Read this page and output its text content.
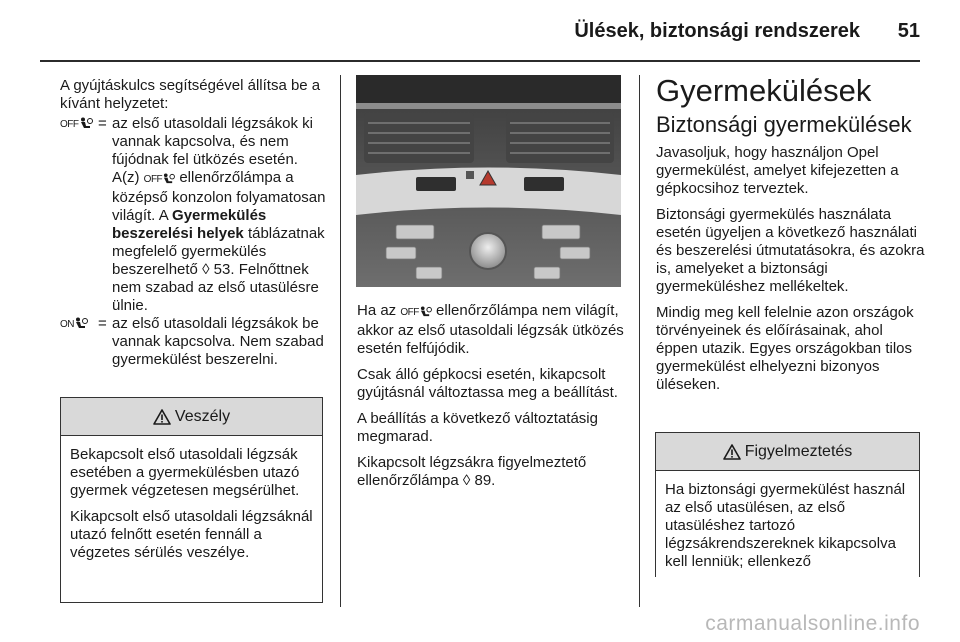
Ülések, biztonsági rendszerek	51

A gyújtáskulcs segítségével állítsa be a kívánt helyzetet:

OFF	= az első utasoldali légzsákok ki vannak kapcsolva, és nem fújódnak fel ütközés esetén. A(z) OFF ellenőrzőlámpa a középső konzolon folyamatosan világít. A Gyermekülés beszerelési helyek táblázatnak megfelelő gyermekülés beszerelhető ◊ 53. Felnőttnek nem szabad az első utasülésre ülnie.
ON	= az első utasoldali légzsákok be vannak kapcsolva. Nem szabad gyermekülést beszerelni.
Veszély

Bekapcsolt első utasoldali légzsák esetében a gyermekülésben utazó gyermek végzetesen megsérülhet.

Kikapcsolt első utasoldali légzsáknál utazó felnőtt esetén fennáll a végzetes sérülés veszélye.

Ha az OFF ellenőrzőlámpa nem világít, akkor az első utasoldali légzsák ütközés esetén felfújódik.

Csak álló gépkocsi esetén, kikapcsolt gyújtásnál változtassa meg a beállítást.

A beállítás a következő változtatásig megmarad.

Kikapcsolt légzsákra figyelmeztető ellenőrzőlámpa ◊ 89.

Gyermekülések
Biztonsági gyermekülések

Javasoljuk, hogy használjon Opel gyermekülést, amelyet kifejezetten a gépkocsihoz terveztek.

Biztonsági gyermekülés használata esetén ügyeljen a következő használati és beszerelési útmutatásokra, és azokra is, amelyeket a biztonsági gyermeküléshez mellékeltek.

Mindig meg kell felelnie azon országok törvényeinek és előírásainak, ahol éppen utazik. Egyes országokban tilos gyermekülést elhelyezni bizonyos üléseken.

Figyelmeztetés

Ha biztonsági gyermekülést használ az első utasülésen, az első utasüléshez tartozó légzsákrendszereknek kikapcsolva kell lenniük; ellenkező

carmanualsonline.info
